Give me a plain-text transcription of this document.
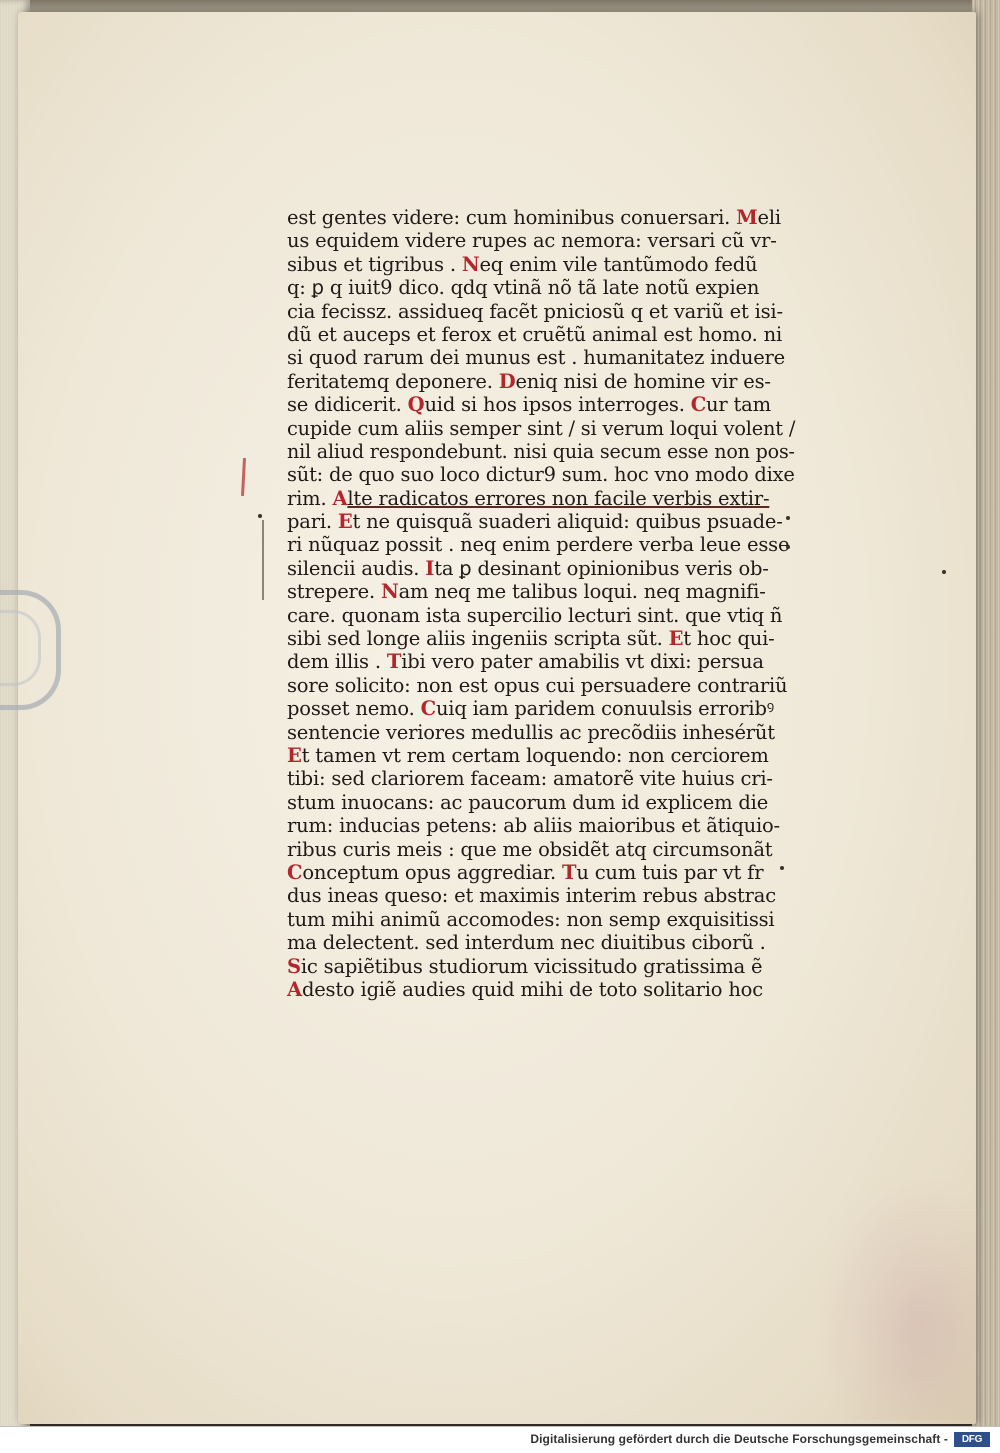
est gentes videre: cum hominibus conuersari. Meli
us equidem videre rupes ac nemora: versari cũ vr-
sibus et tigribus . Neq enim vile tantũmodo fedũ
q: ꝑ q iuit9 dico. qdq vtinã nõ tã late notũ expien
cia fecissz. assidueq facẽt pniciosũ q et variũ et isi-
dũ et auceps et ferox et cruẽtũ animal est homo. ni
si quod rarum dei munus est . humanitatez induere
feritatemq deponere. Deniq nisi de homine vir es-
se didicerit. Quid si hos ipsos interroges. Cur tam
cupide cum aliis semper sint / si verum loqui volent /
nil aliud respondebunt. nisi quia secum esse non pos-
sũt: de quo suo loco dictur9 sum. hoc vno modo dixe
rim. Alte radicatos errores non facile verbis extir-
pari. Et ne quisquã suaderi aliquid: quibus psuade-
ri nũquaz possit . neq enim perdere verba leue esse
silencii audis. Ita ꝑ desinant opinionibus veris ob-
strepere. Nam neq me talibus loqui. neq magnifi-
care. quonam ista supercilio lecturi sint. que vtiq ñ
sibi sed longe aliis ingeniis scripta sũt. Et hoc qui-
dem illis . Tibi vero pater amabilis vt dixi: persua
sore solicito: non est opus cui persuadere contrariũ
posset nemo. Cuiq iam paridem conuulsis erroribꝰ
sentencie veriores medullis ac precõdiis inhesérũt
Et tamen vt rem certam loquendo: non cerciorem
tibi: sed clariorem faceam: amatorẽ vite huius cri-
stum inuocans: ac paucorum dum id explicem die
rum: inducias petens: ab aliis maioribus et ãtiquio-
ribus curis meis : que me obsidẽt atq circumsonãt
Conceptum opus aggrediar. Tu cum tuis par vt fr
dus ineas queso: et maximis interim rebus abstrac
tum mihi animũ accomodes: non semp exquisitissi
ma delectent. sed interdum nec diuitibus ciborũ .
Sic sapiẽtibus studiorum vicissitudo gratissima ẽ
Adesto igiẽ audies quid mihi de toto solitario hoc
Digitalisierung gefördert durch die Deutsche Forschungsgemeinschaft -	DFG
